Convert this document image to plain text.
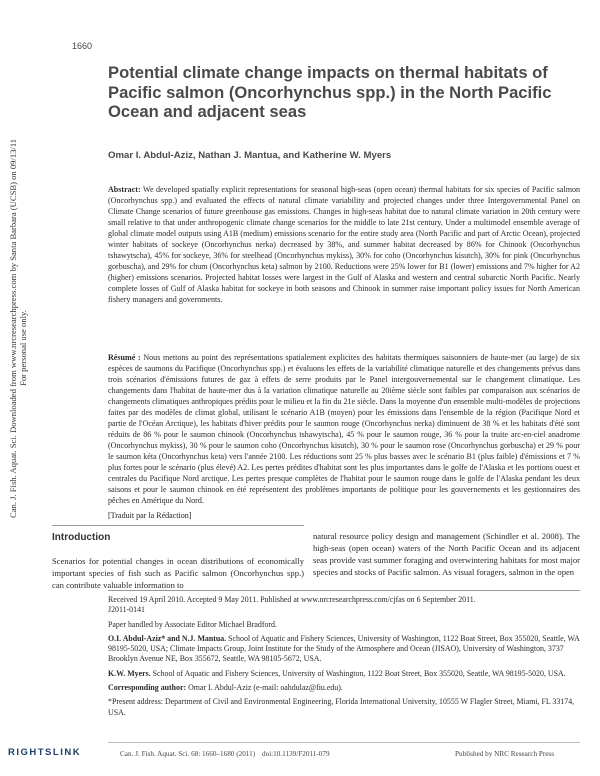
Can. J. Fish. Aquat. Sci. Downloaded from www.nrcresearchpress.com by Santa Barbara (UCSB) on 09/13/11 For personal use only.
1660
Potential climate change impacts on thermal habitats of Pacific salmon (Oncorhynchus spp.) in the North Pacific Ocean and adjacent seas
Omar I. Abdul-Aziz, Nathan J. Mantua, and Katherine W. Myers
Abstract: We developed spatially explicit representations for seasonal high-seas (open ocean) thermal habitats for six species of Pacific salmon (Oncorhynchus spp.) and evaluated the effects of natural climate variability and projected changes under three Intergovernmental Panel on Climate Change scenarios of future greenhouse gas emissions. Changes in high-seas habitat due to natural climate variation in 20th century were small relative to that under anthropogenic climate change scenarios for the middle to late 21st century. Under a multimodel ensemble average of global climate model outputs using A1B (medium) emissions scenario for the entire study area (North Pacific and part of Arctic Ocean), projected winter habitats of sockeye (Oncorhynchus nerka) decreased by 38%, and summer habitat decreased by 86% for Chinook (Oncorhynchus tshawytscha), 45% for sockeye, 36% for steelhead (Oncorhynchus mykiss), 30% for coho (Oncorhynchus kisutch), 30% for pink (Oncorhynchus gorbuscha), and 29% for chum (Oncorhynchus keta) salmon by 2100. Reductions were 25% lower for B1 (lower) emissions and 7% higher for A2 (higher) emissions scenarios. Projected habitat losses were largest in the Gulf of Alaska and western and central subarctic North Pacific. Nearly complete losses of Gulf of Alaska habitat for sockeye in both seasons and Chinook in summer raise important policy issues for North American fishery managers and governments.
Résumé : Nous mettons au point des représentations spatialement explicites des habitats thermiques saisonniers de haute-mer (au large) de six espèces de saumons du Pacifique (Oncorhynchus spp.) et évaluons les effets de la variabilité climatique naturelle et des changements prévus dans trois scénarios d'émissions futures de gaz à effets de serre produits par le Panel intergouvernemental sur le changement climatique. Les changements dans l'habitat de haute-mer dus à la variation climatique naturelle au 20ième siècle sont faibles par comparaison aux scénarios de changements climatiques anthropiques prédits pour le milieu et la fin du 21e siècle. Dans la moyenne d'un ensemble multi-modèles de projections faites par des modèles de climat global, utilisant le scénario A1B (moyen) pour les émissions dans l'ensemble de la région (Pacifique Nord et partie de l'Océan Arctique), les habitats d'hiver prédits pour le saumon rouge (Oncorhynchus nerka) diminuent de 38 % et les habitats d'été sont réduits de 86 % pour le saumon chinook (Oncorhynchus tshawytscha), 45 % pour le saumon rouge, 36 % pour la truite arc-en-ciel anadrome (Oncorhynchus mykiss), 30 % pour le saumon coho (Oncorhynchus kisutch), 30 % pour le saumon rose (Oncorhynchus gorbuscha) et 29 % pour le saumon kéta (Oncorhynchus keta) vers l'année 2100. Les réductions sont 25 % plus basses avec le scénario B1 (plus faible) d'émissions et 7 % plus fortes pour le scénario (plus élevé) A2. Les pertes prédites d'habitat sont les plus importantes dans le golfe de l'Alaska et les portions ouest et centrales du Pacifique Nord arctique. Les pertes presque complètes de l'habitat pour le saumon rouge dans le golfe de l'Alaska pendant les deux saisons et pour le saumon chinook en été représentent des problèmes importants de politique pour les gouvernements et les gestionnaires des pêches en Amérique du Nord.
[Traduit par la Rédaction]
Introduction
Scenarios for potential changes in ocean distributions of economically important species of fish such as Pacific salmon (Oncorhynchus spp.) can contribute valuable information to
natural resource policy design and management (Schindler et al. 2008). The high-seas (open ocean) waters of the North Pacific Ocean and its adjacent seas provide vast summer foraging and overwintering habitats for most major species and stocks of Pacific salmon. As visual foragers, salmon in the open

Received 19 April 2010. Accepted 9 May 2011. Published at www.nrcresearchpress.com/cjfas on 6 September 2011.
J2011-0141

Paper handled by Associate Editor Michael Bradford.

O.I. Abdul-Aziz* and N.J. Mantua. School of Aquatic and Fishery Sciences, University of Washington, 1122 Boat Street, Box 355020, Seattle, WA 98195-5020, USA; Climate Impacts Group, Joint Institute for the Study of the Atmosphere and Ocean (JISAO), University of Washington, 3737 Brooklyn Avenue NE, Box 355672, Seattle, WA 98105-5672, USA.

K.W. Myers. School of Aquatic and Fishery Sciences, University of Washington, 1122 Boat Street, Box 355020, Seattle, WA 98195-5020, USA.

Corresponding author: Omar I. Abdul-Aziz (e-mail: oahdulaz@fiu.edu).

*Present address: Department of Civil and Environmental Engineering, Florida International University, 10555 W Flagler Street, Miami, FL 33174, USA.

RIGHTSLINK	Can. J. Fish. Aquat. Sci. 68: 1660–1680 (2011) doi:10.1139/F2011-079	Published by NRC Research Press
